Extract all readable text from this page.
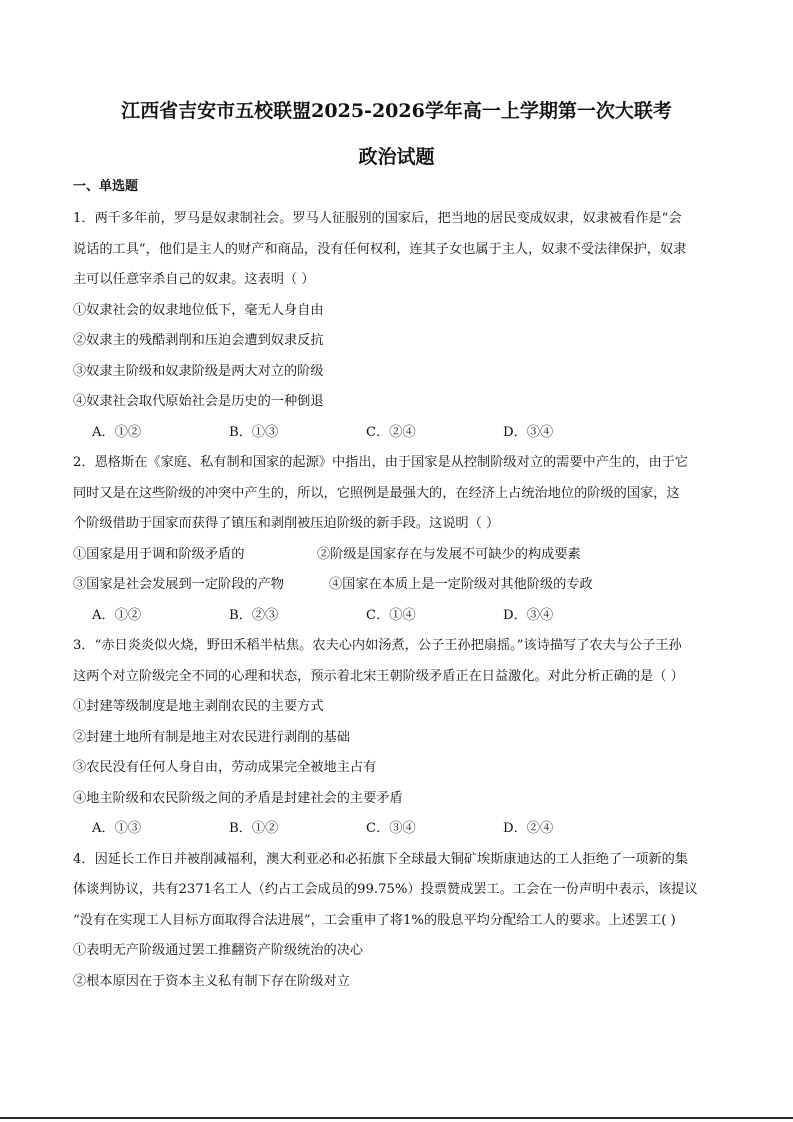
江西省吉安市五校联盟2025-2026学年高一上学期第一次大联考
政治试题
一、单选题
1．两千多年前，罗马是奴隶制社会。罗马人征服别的国家后，把当地的居民变成奴隶，奴隶被看作是“会
说话的工具”，他们是主人的财产和商品，没有任何权利，连其子女也属于主人，奴隶不受法律保护，奴隶
主可以任意宰杀自己的奴隶。这表明（ ）
①奴隶社会的奴隶地位低下，毫无人身自由
②奴隶主的残酷剥削和压迫会遭到奴隶反抗
③奴隶主阶级和奴隶阶级是两大对立的阶级
④奴隶社会取代原始社会是历史的一种倒退
A．①②	B．①③	C．②④	D．③④
2．恩格斯在《家庭、私有制和国家的起源》中指出，由于国家是从控制阶级对立的需要中产生的，由于它
同时又是在这些阶级的冲突中产生的，所以，它照例是最强大的，在经济上占统治地位的阶级的国家，这
个阶级借助于国家而获得了镇压和剥削被压迫阶级的新手段。这说明（ ）
①国家是用于调和阶级矛盾的	②阶级是国家存在与发展不可缺少的构成要素
③国家是社会发展到一定阶段的产物	④国家在本质上是一定阶级对其他阶级的专政
A．①②	B．②③	C．①④	D．③④
3．“赤日炎炎似火烧，野田禾稻半枯焦。农夫心内如汤煮，公子王孙把扇摇。”该诗描写了农夫与公子王孙
这两个对立阶级完全不同的心理和状态，预示着北宋王朝阶级矛盾正在日益激化。对此分析正确的是（ ）
①封建等级制度是地主剥削农民的主要方式
②封建土地所有制是地主对农民进行剥削的基础
③农民没有任何人身自由，劳动成果完全被地主占有
④地主阶级和农民阶级之间的矛盾是封建社会的主要矛盾
A．①③	B．①②	C．③④	D．②④
4．因延长工作日并被削减福利，澳大利亚必和必拓旗下全球最大铜矿埃斯康迪达的工人拒绝了一项新的集
体谈判协议，共有2371名工人（约占工会成员的99.75%）投票赞成罢工。工会在一份声明中表示，该提议
“没有在实现工人目标方面取得合法进展”，工会重申了将1%的股息平均分配给工人的要求。上述罢工( )
①表明无产阶级通过罢工推翻资产阶级统治的决心
②根本原因在于资本主义私有制下存在阶级对立
